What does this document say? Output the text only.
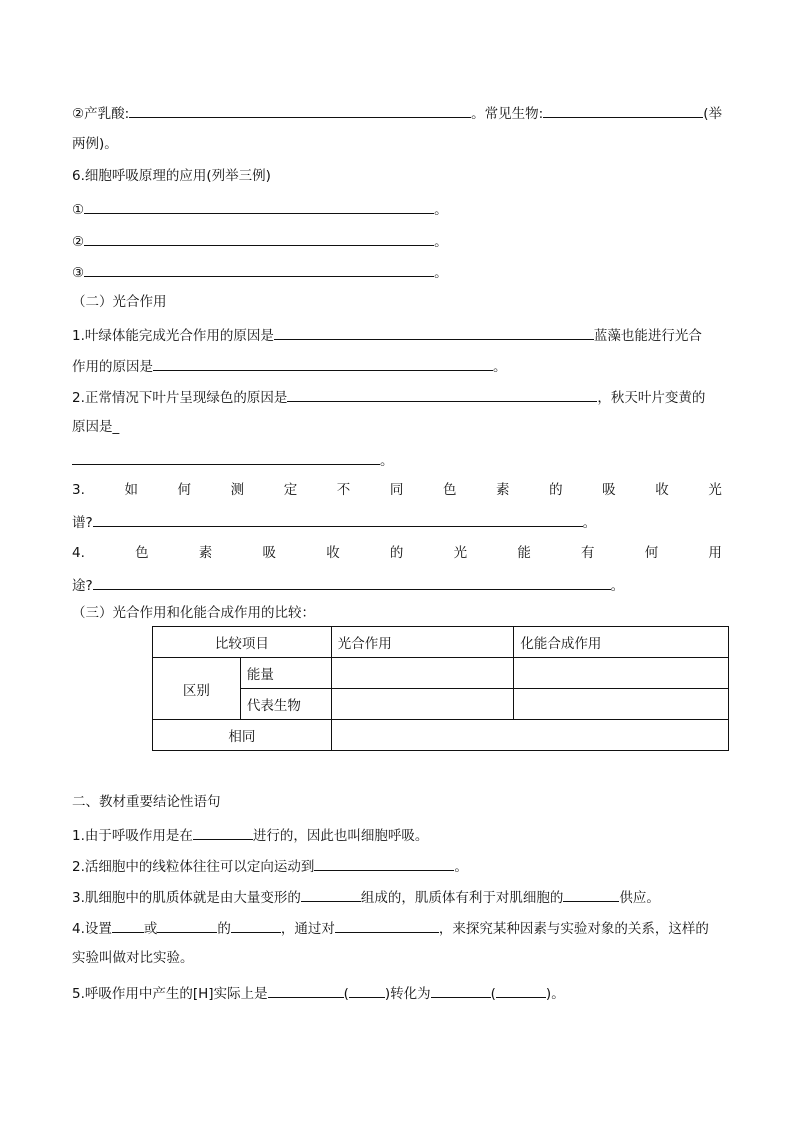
②产乳酸:	。常见生物:	(举
两例)。
6.细胞呼吸原理的应用(列举三例)
①	。
②	。
③	。
（二）光合作用
1.叶绿体能完成光合作用的原因是	蓝藻也能进行光合
作用的原因是	。
2.正常情况下叶片呈现绿色的原因是	，秋天叶片变黄的
原因是_
。
3.	如	何	测	定	不	同	色	素	的	吸	收	光
谱?	。
4.	色	素	吸	收	的	光	能	有	何	用
途?	。
（三）光合作用和化能合成作用的比较：
比较项目		光合作用	化能合成作用
区别	能量		
	代表生物		
相同			
二、教材重要结论性语句
1.由于呼吸作用是在	进行的，因此也叫细胞呼吸。
2.活细胞中的线粒体往往可以定向运动到	。
3.肌细胞中的肌质体就是由大量变形的	组成的，肌质体有利于对肌细胞的	供应。
4.设置 或	的	，通过对	，来探究某种因素与实验对象的关系，这样的
实验叫做对比实验。
5.呼吸作用中产生的[H]实际上是	(	)转化为	(	)。
